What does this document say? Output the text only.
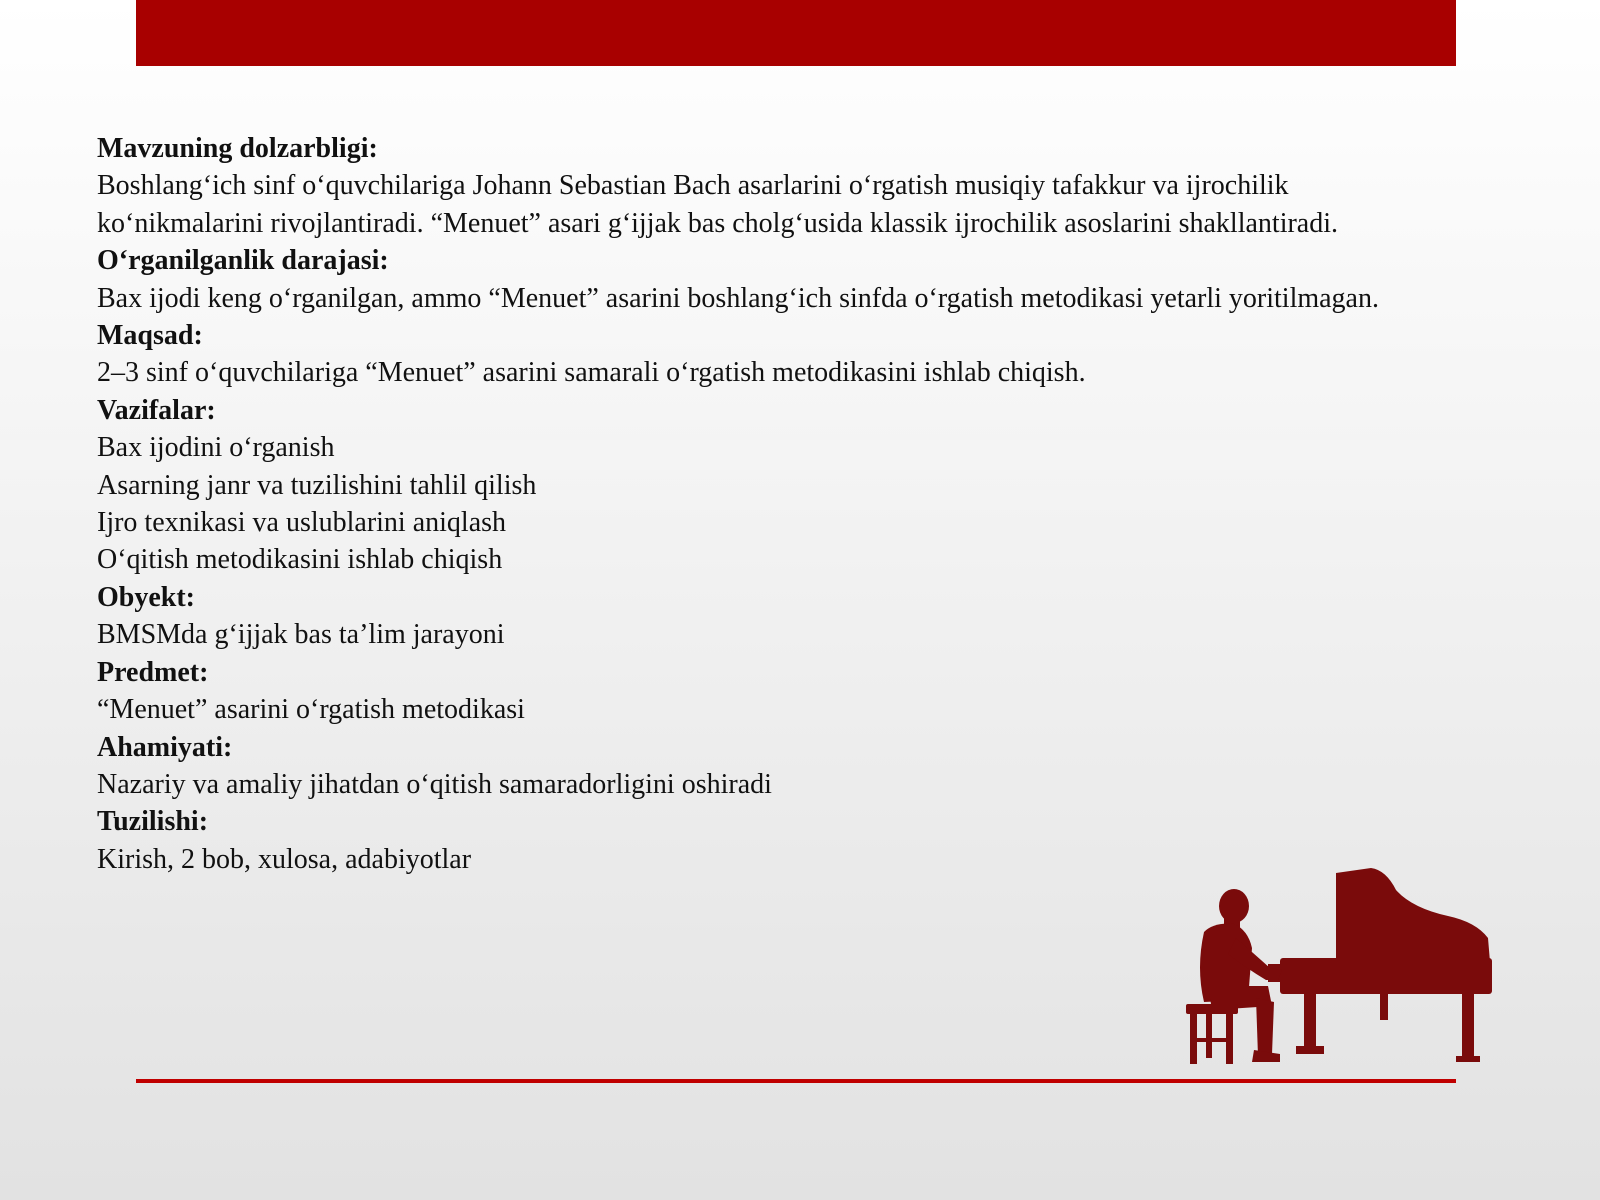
Mavzuning dolzarbligi:

Boshlang‘ich sinf o‘quvchilariga Johann Sebastian Bach asarlarini o‘rgatish musiqiy tafakkur va ijrochilik ko‘nikmalarini rivojlantiradi. “Menuet” asari g‘ijjak bas cholg‘usida klassik ijrochilik asoslarini shakllantiradi.

O‘rganilganlik darajasi:

Bax ijodi keng o‘rganilgan, ammo “Menuet” asarini boshlang‘ich sinfda o‘rgatish metodikasi yetarli yoritilmagan.

Maqsad:

2–3 sinf o‘quvchilariga “Menuet” asarini samarali o‘rgatish metodikasini ishlab chiqish.

Vazifalar:

Bax ijodini o‘rganish

Asarning janr va tuzilishini tahlil qilish

Ijro texnikasi va uslublarini aniqlash

O‘qitish metodikasini ishlab chiqish

Obyekt:

BMSMda g‘ijjak bas ta’lim jarayoni

Predmet:

“Menuet” asarini o‘rgatish metodikasi

Ahamiyati:

Nazariy va amaliy jihatdan o‘qitish samaradorligini oshiradi

Tuzilishi:

Kirish, 2 bob, xulosa, adabiyotlar
